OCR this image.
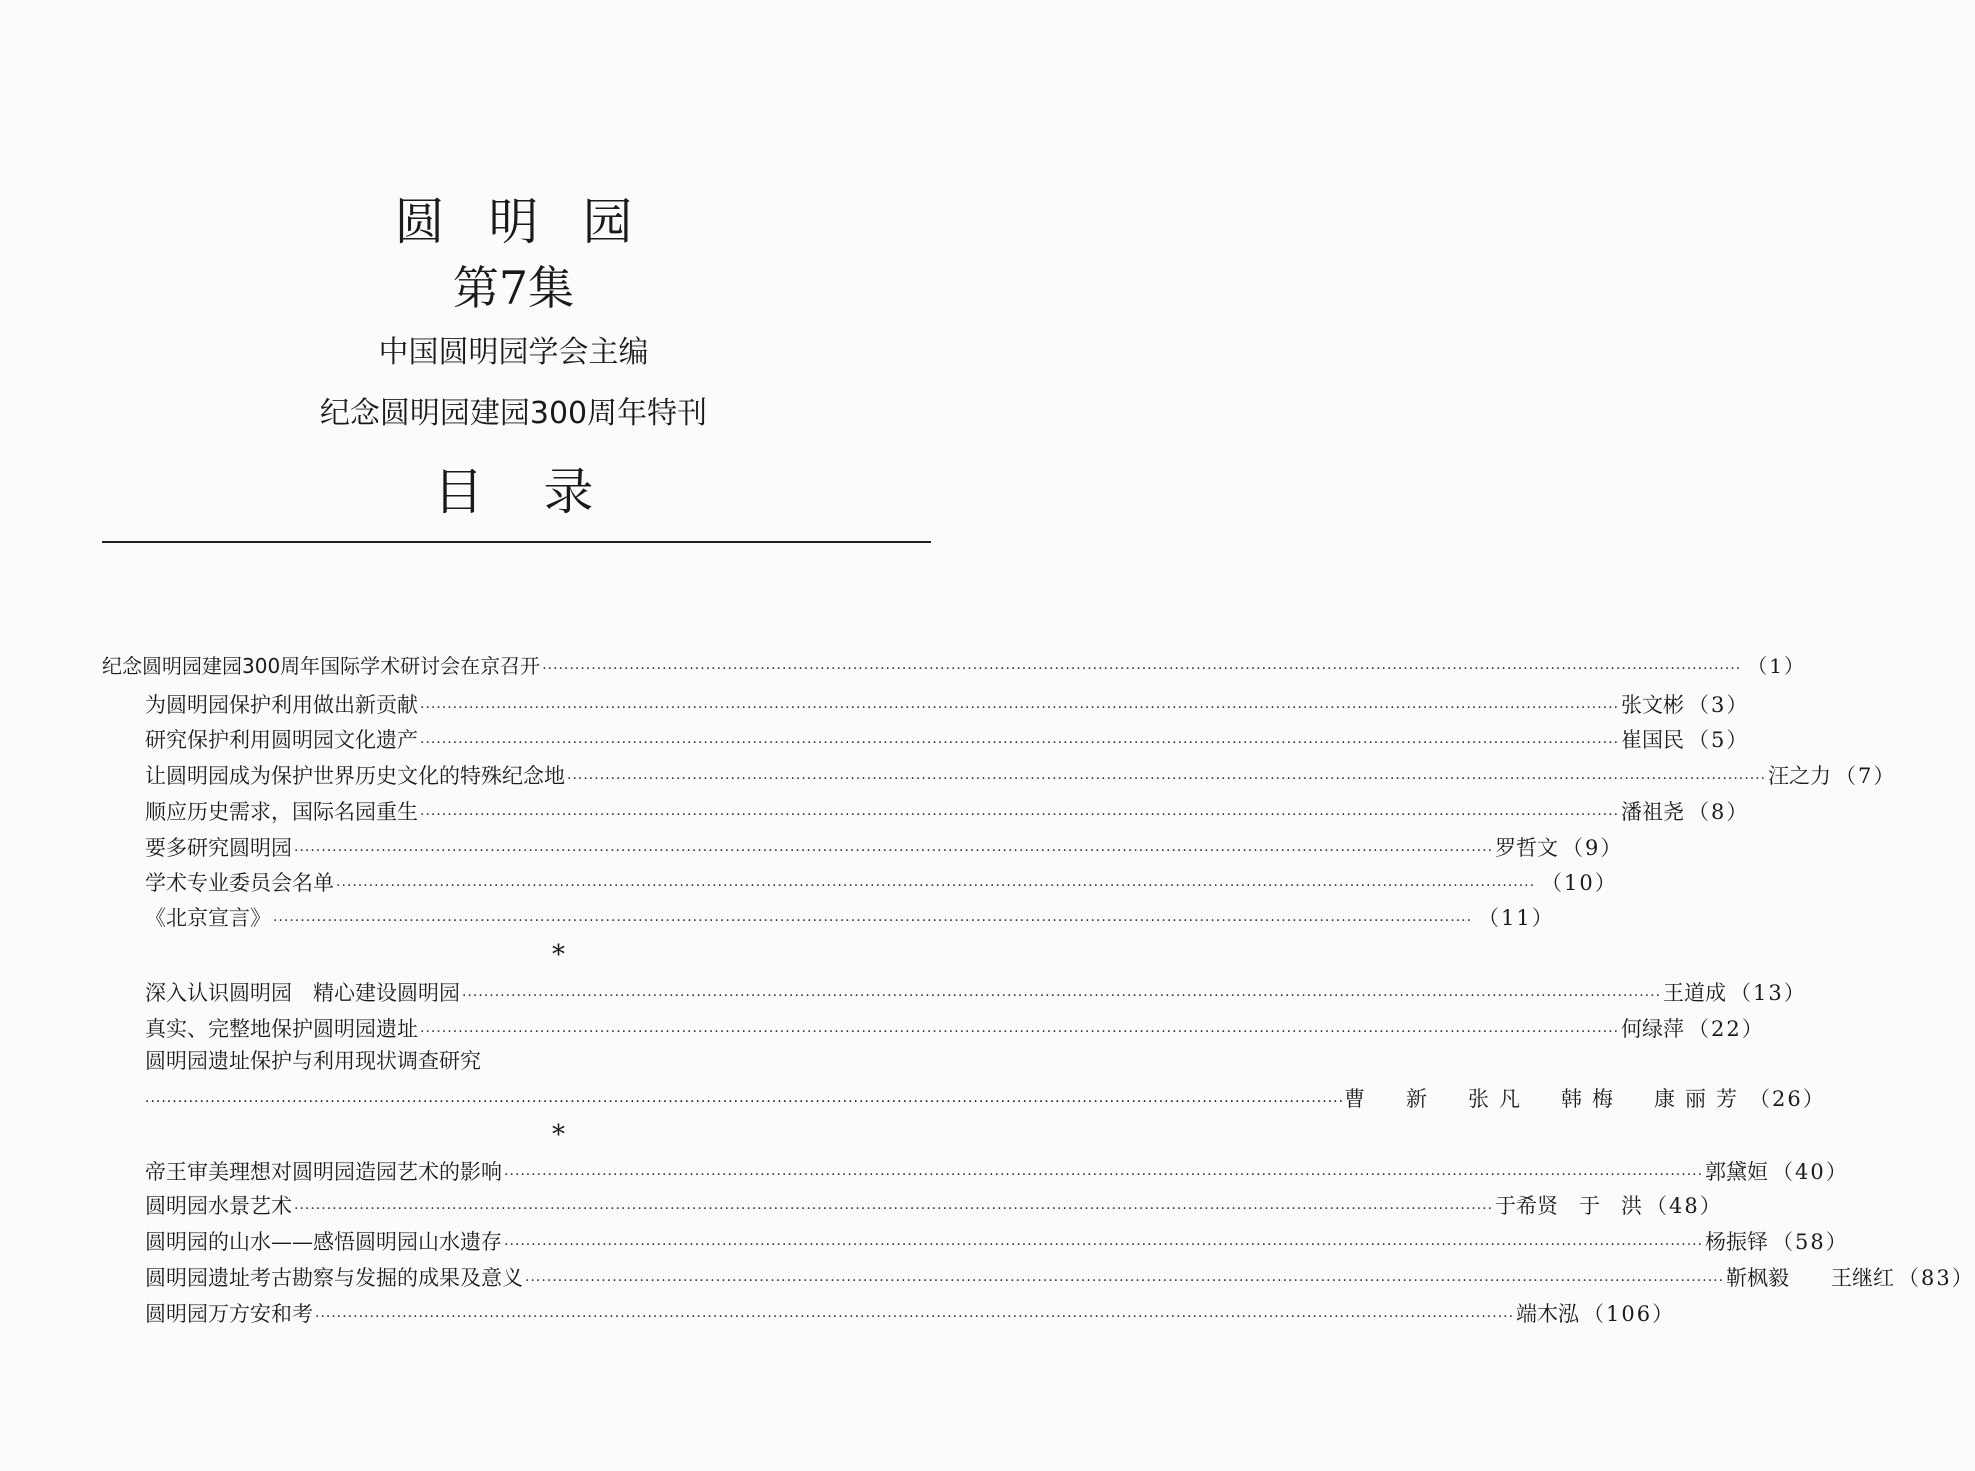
圆明园
第7集
中国圆明园学会主编
纪念圆明园建园300周年特刊
目录
纪念圆明园建园300周年国际学术研讨会在京召开 ···························································································································································································································· （1）
为圆明园保护利用做出新贡献 ···························································································································································································································· 张文彬 （3）
研究保护利用圆明园文化遗产 ···························································································································································································································· 崔国民 （5）
让圆明园成为保护世界历史文化的特殊纪念地 ···························································································································································································································· 汪之力 （7）
顺应历史需求，国际名园重生 ···························································································································································································································· 潘祖尧 （8）
要多研究圆明园 ···························································································································································································································· 罗哲文 （9）
学术专业委员会名单 ···························································································································································································································· （10）
《北京宣言》 ···························································································································································································································· （11）
*
深入认识圆明园　精心建设圆明园 ···························································································································································································································· 王道成 （13）
真实、完整地保护圆明园遗址 ···························································································································································································································· 何绿萍 （22）
圆明园遗址保护与利用现状调查研究
···························································································································································································································· 曹　新　张凡　韩梅　康丽芳 （26）
*
帝王审美理想对圆明园造园艺术的影响 ···························································································································································································································· 郭黛姮 （40）
圆明园水景艺术 ···························································································································································································································· 于希贤　于　洪 （48）
圆明园的山水——感悟圆明园山水遗存 ···························································································································································································································· 杨振铎 （58）
圆明园遗址考古勘察与发掘的成果及意义 ···························································································································································································································· 靳枫毅　　王继红 （83）
圆明园万方安和考 ···························································································································································································································· 端木泓 （106）
